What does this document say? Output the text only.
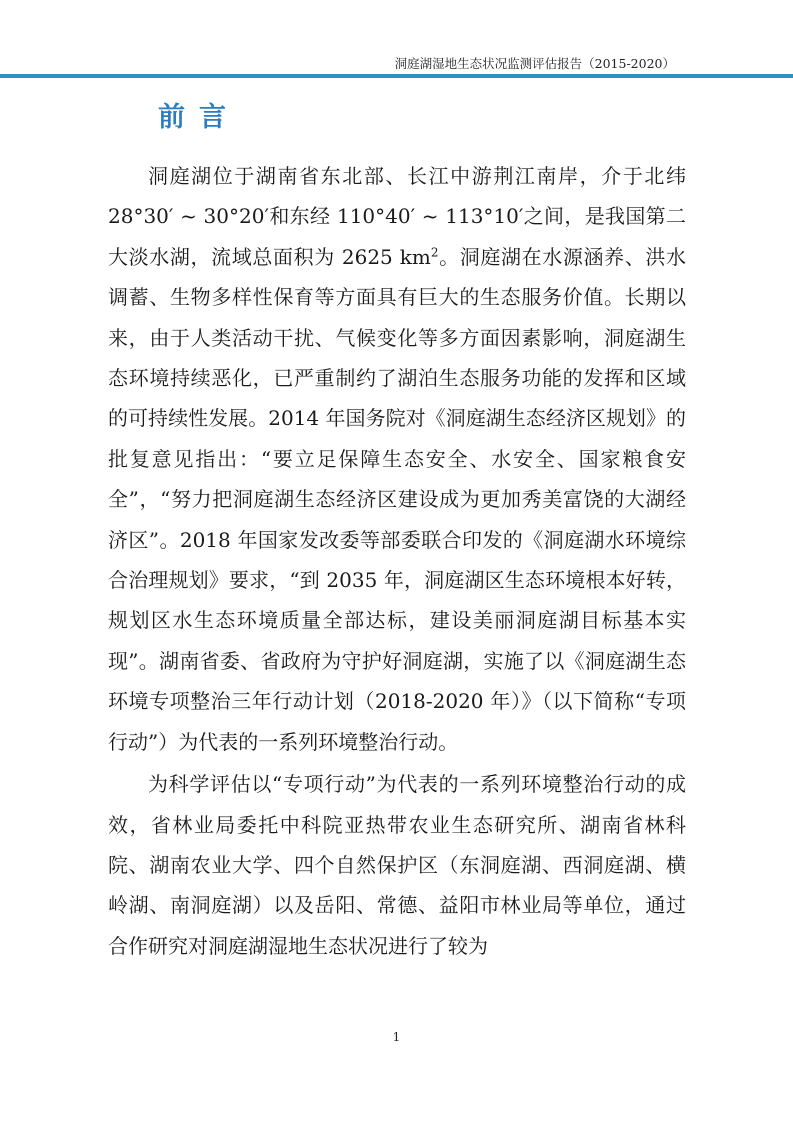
洞庭湖湿地生态状况监测评估报告（2015-2020）
前言

洞庭湖位于湖南省东北部、长江中游荆江南岸，介于北纬 28°30′ ~ 30°20′和东经 110°40′ ~ 113°10′之间，是我国第二大淡水湖，流域总面积为 2625 $km^2$。洞庭湖在水源涵养、洪水调蓄、生物多样性保育等方面具有巨大的生态服务价值。长期以来，由于人类活动干扰、气候变化等多方面因素影响，洞庭湖生态环境持续恶化，已严重制约了湖泊生态服务功能的发挥和区域的可持续性发展。2014 年国务院对《洞庭湖生态经济区规划》的批复意见指出：“要立足保障生态安全、水安全、国家粮食安全”，“努力把洞庭湖生态经济区建设成为更加秀美富饶的大湖经济区”。2018 年国家发改委等部委联合印发的《洞庭湖水环境综合治理规划》要求，“到 2035 年，洞庭湖区生态环境根本好转，规划区水生态环境质量全部达标，建设美丽洞庭湖目标基本实现”。湖南省委、省政府为守护好洞庭湖，实施了以《洞庭湖生态环境专项整治三年行动计划（2018-2020 年）》（以下简称“专项行动”）为代表的一系列环境整治行动。

为科学评估以“专项行动”为代表的一系列环境整治行动的成效，省林业局委托中科院亚热带农业生态研究所、湖南省林科院、湖南农业大学、四个自然保护区（东洞庭湖、西洞庭湖、横岭湖、南洞庭湖）以及岳阳、常德、益阳市林业局等单位，通过合作研究对洞庭湖湿地生态状况进行了较为

1
